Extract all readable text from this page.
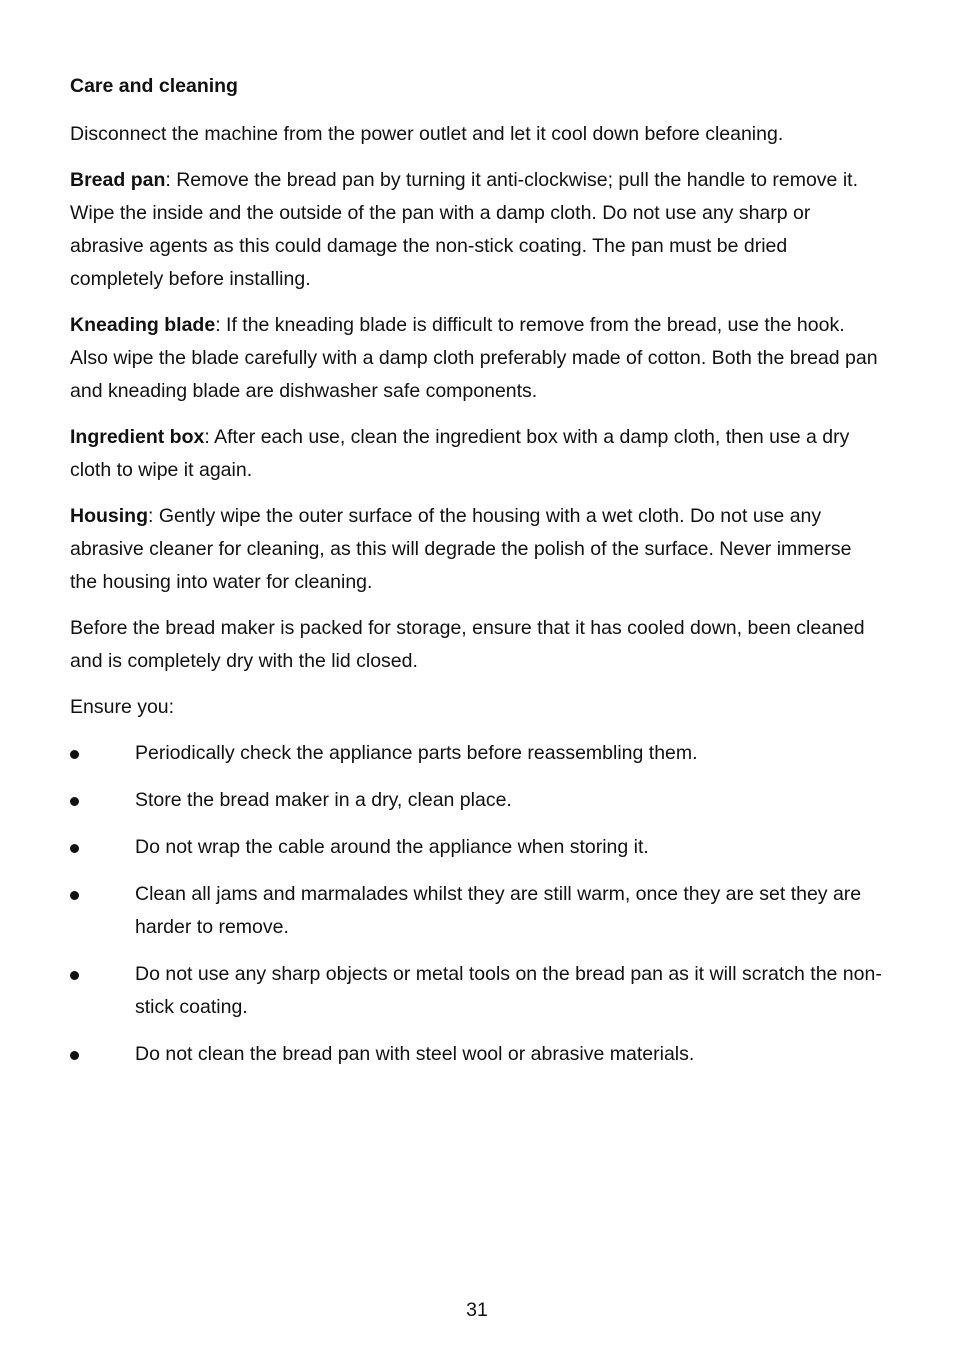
Care and cleaning

Disconnect the machine from the power outlet and let it cool down before cleaning.

Bread pan: Remove the bread pan by turning it anti-clockwise; pull the handle to remove it. Wipe the inside and the outside of the pan with a damp cloth. Do not use any sharp or abrasive agents as this could damage the non-stick coating. The pan must be dried completely before installing.

Kneading blade: If the kneading blade is difficult to remove from the bread, use the hook. Also wipe the blade carefully with a damp cloth preferably made of cotton. Both the bread pan and kneading blade are dishwasher safe components.

Ingredient box: After each use, clean the ingredient box with a damp cloth, then use a dry cloth to wipe it again.

Housing: Gently wipe the outer surface of the housing with a wet cloth. Do not use any abrasive cleaner for cleaning, as this will degrade the polish of the surface. Never immerse the housing into water for cleaning.

Before the bread maker is packed for storage, ensure that it has cooled down, been cleaned and is completely dry with the lid closed.

Ensure you:

Periodically check the appliance parts before reassembling them.
Store the bread maker in a dry, clean place.
Do not wrap the cable around the appliance when storing it.
Clean all jams and marmalades whilst they are still warm, once they are set they are harder to remove.
Do not use any sharp objects or metal tools on the bread pan as it will scratch the non-stick coating.
Do not clean the bread pan with steel wool or abrasive materials.
31
